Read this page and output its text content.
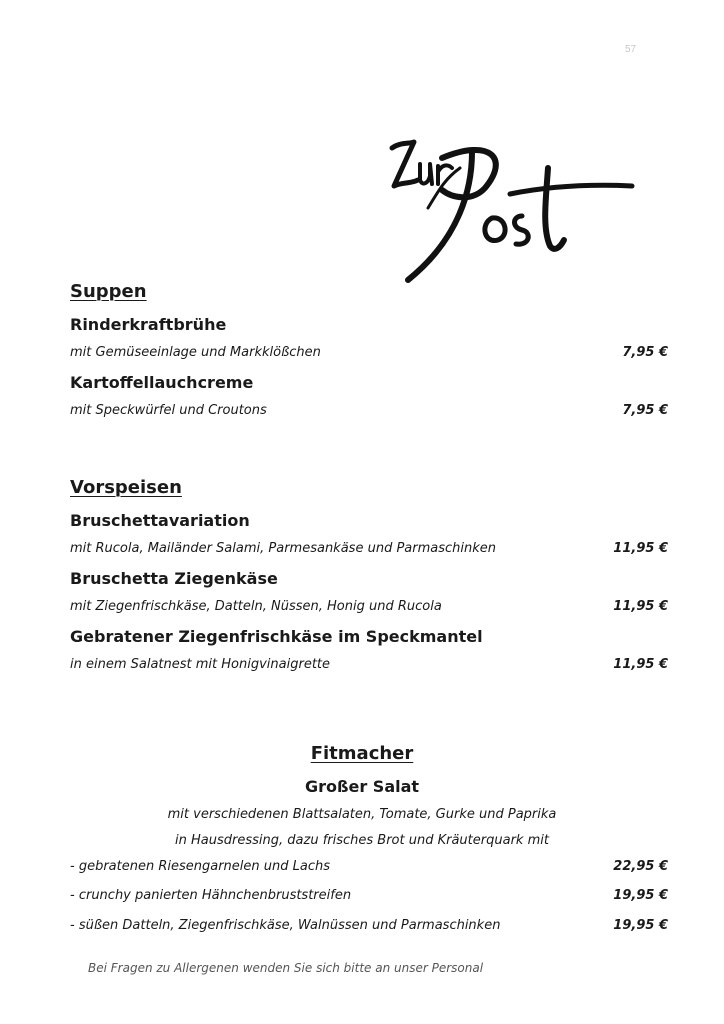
57
Suppen
Rinderkraftbrühe
mit Gemüseeinlage und Markklößchen	7,95 €
Kartoffellauchcreme
mit Speckwürfel und Croutons	7,95 €
Vorspeisen
Bruschettavariation
mit Rucola, Mailänder Salami, Parmesankäse und Parmaschinken	11,95 €
Bruschetta Ziegenkäse
mit Ziegenfrischkäse, Datteln, Nüssen, Honig und Rucola	11,95 €
Gebratener Ziegenfrischkäse im Speckmantel
in einem Salatnest mit Honigvinaigrette	11,95 €
Fitmacher
Großer Salat
mit verschiedenen Blattsalaten, Tomate, Gurke und Paprika
in Hausdressing, dazu frisches Brot und Kräuterquark mit
- gebratenen Riesengarnelen und Lachs	22,95 €
- crunchy panierten Hähnchenbruststreifen	19,95 €
- süßen Datteln, Ziegenfrischkäse, Walnüssen und Parmaschinken	19,95 €
Bei Fragen zu Allergenen wenden Sie sich bitte an unser Personal
